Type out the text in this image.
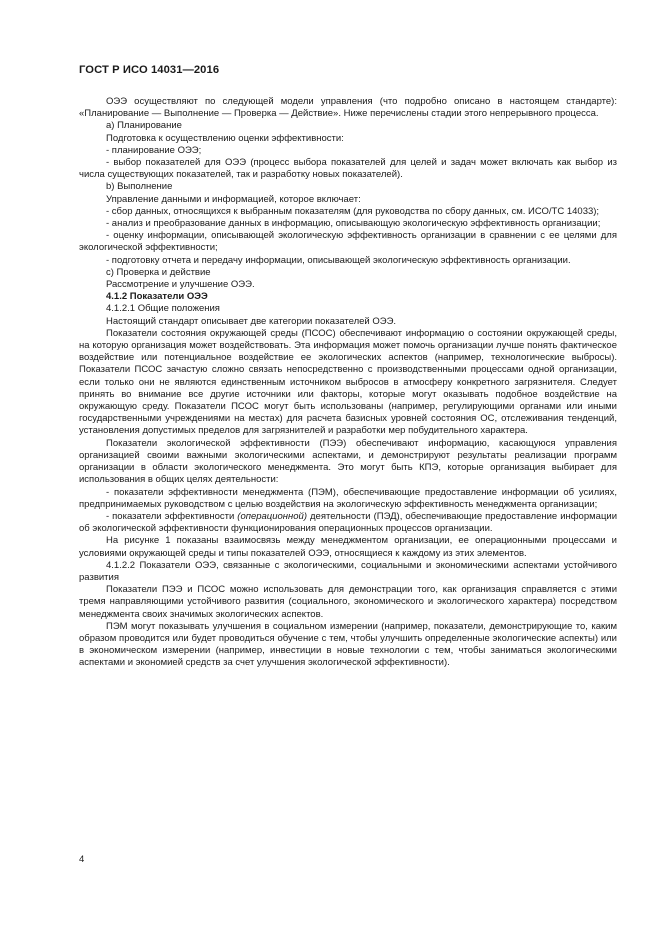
ГОСТ Р ИСО 14031—2016

ОЭЭ осуществляют по следующей модели управления (что подробно описано в настоящем стандарте): «Планирование — Выполнение — Проверка — Действие». Ниже перечислены стадии этого непрерывного процесса.

a) Планирование

Подготовка к осуществлению оценки эффективности:

- планирование ОЭЭ;

- выбор показателей для ОЭЭ (процесс выбора показателей для целей и задач может включать как выбор из числа существующих показателей, так и разработку новых показателей).

b) Выполнение

Управление данными и информацией, которое включает:

- сбор данных, относящихся к выбранным показателям (для руководства по сбору данных, см. ИСО/ТС 14033);

- анализ и преобразование данных в информацию, описывающую экологическую эффективность организации;

- оценку информации, описывающей экологическую эффективность организации в сравнении с ее целями для экологической эффективности;

- подготовку отчета и передачу информации, описывающей экологическую эффективность организации.

c) Проверка и действие

Рассмотрение и улучшение ОЭЭ.

4.1.2 Показатели ОЭЭ

4.1.2.1 Общие положения

Настоящий стандарт описывает две категории показателей ОЭЭ.

Показатели состояния окружающей среды (ПСОС) обеспечивают информацию о состоянии окружающей среды, на которую организация может воздействовать. Эта информация может помочь организации лучше понять фактическое воздействие или потенциальное воздействие ее экологических аспектов (например, технологические выбросы). Показатели ПСОС зачастую сложно связать непосредственно с производственными процессами одной организации, если только они не являются единственным источником выбросов в атмосферу конкретного загрязнителя. Следует принять во внимание все другие источники или факторы, которые могут оказывать подобное воздействие на окружающую среду. Показатели ПСОС могут быть использованы (например, регулирующими органами или иными государственными учреждениями на местах) для расчета базисных уровней состояния ОС, отслеживания тенденций, установления допустимых пределов для загрязнителей и разработки мер побудительного характера.

Показатели экологической эффективности (ПЭЭ) обеспечивают информацию, касающуюся управления организацией своими важными экологическими аспектами, и демонстрируют результаты реализации программ организации в области экологического менеджмента. Это могут быть КПЭ, которые организация выбирает для использования в общих целях деятельности:

- показатели эффективности менеджмента (ПЭМ), обеспечивающие предоставление информации об усилиях, предпринимаемых руководством с целью воздействия на экологическую эффективность менеджмента организации;

- показатели эффективности (операционной) деятельности (ПЭД), обеспечивающие предоставление информации об экологической эффективности функционирования операционных процессов организации.

На рисунке 1 показаны взаимосвязь между менеджментом организации, ее операционными процессами и условиями окружающей среды и типы показателей ОЭЭ, относящиеся к каждому из этих элементов.

4.1.2.2 Показатели ОЭЭ, связанные с экологическими, социальными и экономическими аспектами устойчивого развития

Показатели ПЭЭ и ПСОС можно использовать для демонстрации того, как организация справляется с этими тремя направляющими устойчивого развития (социального, экономического и экологического характера) посредством менеджмента своих значимых экологических аспектов.

ПЭМ могут показывать улучшения в социальном измерении (например, показатели, демонстрирующие то, каким образом проводится или будет проводиться обучение с тем, чтобы улучшить определенные экологические аспекты) или в экономическом измерении (например, инвестиции в новые технологии с тем, чтобы заниматься экологическими аспектами и экономией средств за счет улучшения экологической эффективности).

4
